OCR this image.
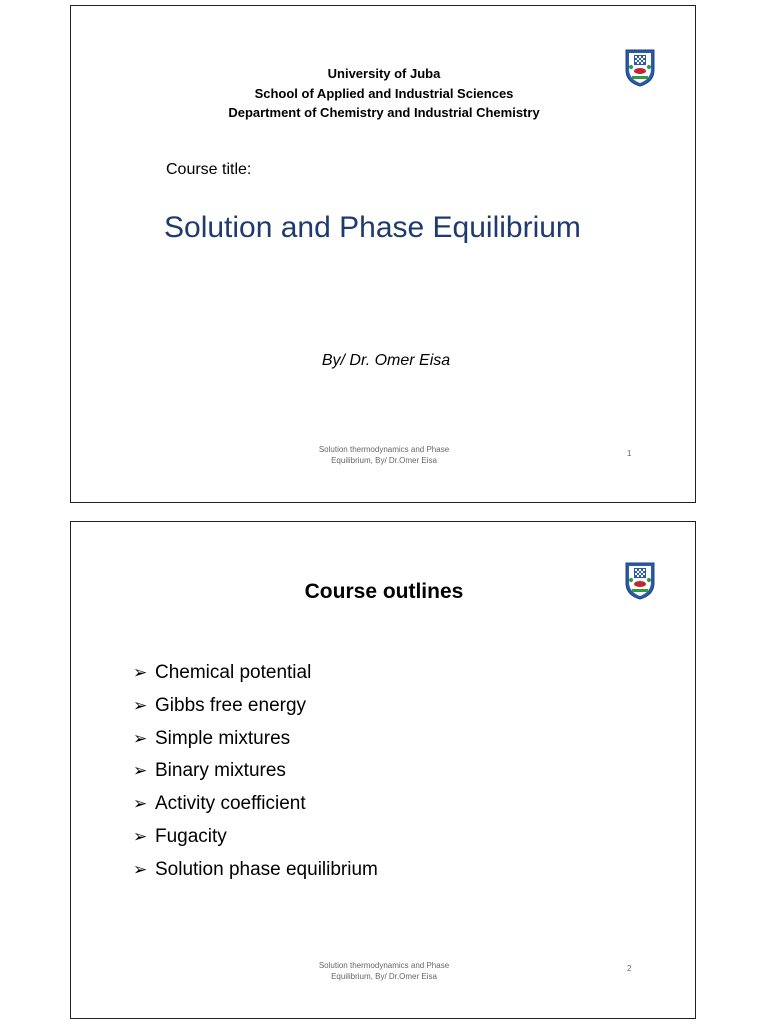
University of Juba
School of Applied and Industrial Sciences
Department of Chemistry and Industrial Chemistry
Course title:
Solution and Phase Equilibrium
By/ Dr. Omer Eisa
Solution thermodynamics and Phase
Equilibrium, By/ Dr.Omer Eisa
1
Course outlines
➢ Chemical potential
➢ Gibbs free energy
➢ Simple mixtures
➢ Binary mixtures
➢ Activity coefficient
➢ Fugacity
➢ Solution phase equilibrium
Solution thermodynamics and Phase
Equilibrium, By/ Dr.Omer Eisa
2
